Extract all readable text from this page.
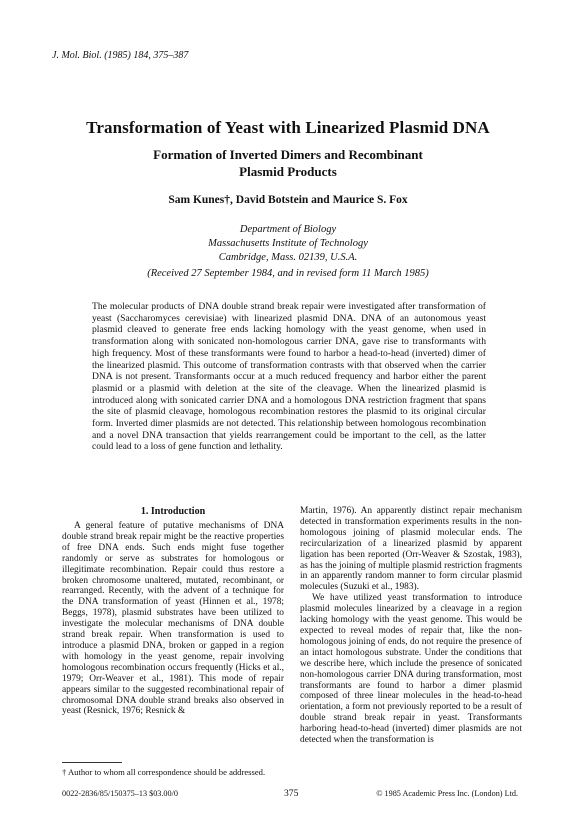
J. Mol. Biol. (1985) 184, 375–387
Transformation of Yeast with Linearized Plasmid DNA
Formation of Inverted Dimers and Recombinant
Plasmid Products
Sam Kunes†, David Botstein and Maurice S. Fox
Department of Biology
Massachusetts Institute of Technology
Cambridge, Mass. 02139, U.S.A.
(Received 27 September 1984, and in revised form 11 March 1985)
The molecular products of DNA double strand break repair were investigated after transformation of yeast (Saccharomyces cerevisiae) with linearized plasmid DNA. DNA of an autonomous yeast plasmid cleaved to generate free ends lacking homology with the yeast genome, when used in transformation along with sonicated non-homologous carrier DNA, gave rise to transformants with high frequency. Most of these transformants were found to harbor a head-to-head (inverted) dimer of the linearized plasmid. This outcome of transformation contrasts with that observed when the carrier DNA is not present. Transformants occur at a much reduced frequency and harbor either the parent plasmid or a plasmid with deletion at the site of the cleavage. When the linearized plasmid is introduced along with sonicated carrier DNA and a homologous DNA restriction fragment that spans the site of plasmid cleavage, homologous recombination restores the plasmid to its original circular form. Inverted dimer plasmids are not detected. This relationship between homologous recombination and a novel DNA transaction that yields rearrangement could be important to the cell, as the latter could lead to a loss of gene function and lethality.
1. Introduction

A general feature of putative mechanisms of DNA double strand break repair might be the reactive properties of free DNA ends. Such ends might fuse together randomly or serve as substrates for homologous or illegitimate recombination. Repair could thus restore a broken chromosome unaltered, mutated, recombinant, or rearranged. Recently, with the advent of a technique for the DNA transformation of yeast (Hinnen et al., 1978; Beggs, 1978), plasmid substrates have been utilized to investigate the molecular mechanisms of DNA double strand break repair. When transformation is used to introduce a plasmid DNA, broken or gapped in a region with homology in the yeast genome, repair involving homologous recombination occurs frequently (Hicks et al., 1979; Orr-Weaver et al., 1981). This mode of repair appears similar to the suggested recombinational repair of chromosomal DNA double strand breaks also observed in yeast (Resnick, 1976; Resnick &

Martin, 1976). An apparently distinct repair mechanism detected in transformation experiments results in the non-homologous joining of plasmid molecular ends. The recircularization of a linearized plasmid by apparent ligation has been reported (Orr-Weaver & Szostak, 1983), as has the joining of multiple plasmid restriction fragments in an apparently random manner to form circular plasmid molecules (Suzuki et al., 1983).

We have utilized yeast transformation to introduce plasmid molecules linearized by a cleavage in a region lacking homology with the yeast genome. This would be expected to reveal modes of repair that, like the non-homologous joining of ends, do not require the presence of an intact homologous substrate. Under the conditions that we describe here, which include the presence of sonicated non-homologous carrier DNA during transformation, most transformants are found to harbor a dimer plasmid composed of three linear molecules in the head-to-head orientation, a form not previously reported to be a result of double strand break repair in yeast. Transformants harboring head-to-head (inverted) dimer plasmids are not detected when the transformation is

† Author to whom all correspondence should be addressed.
0022-2836/85/150375–13 $03.00/0	375	© 1985 Academic Press Inc. (London) Ltd.
